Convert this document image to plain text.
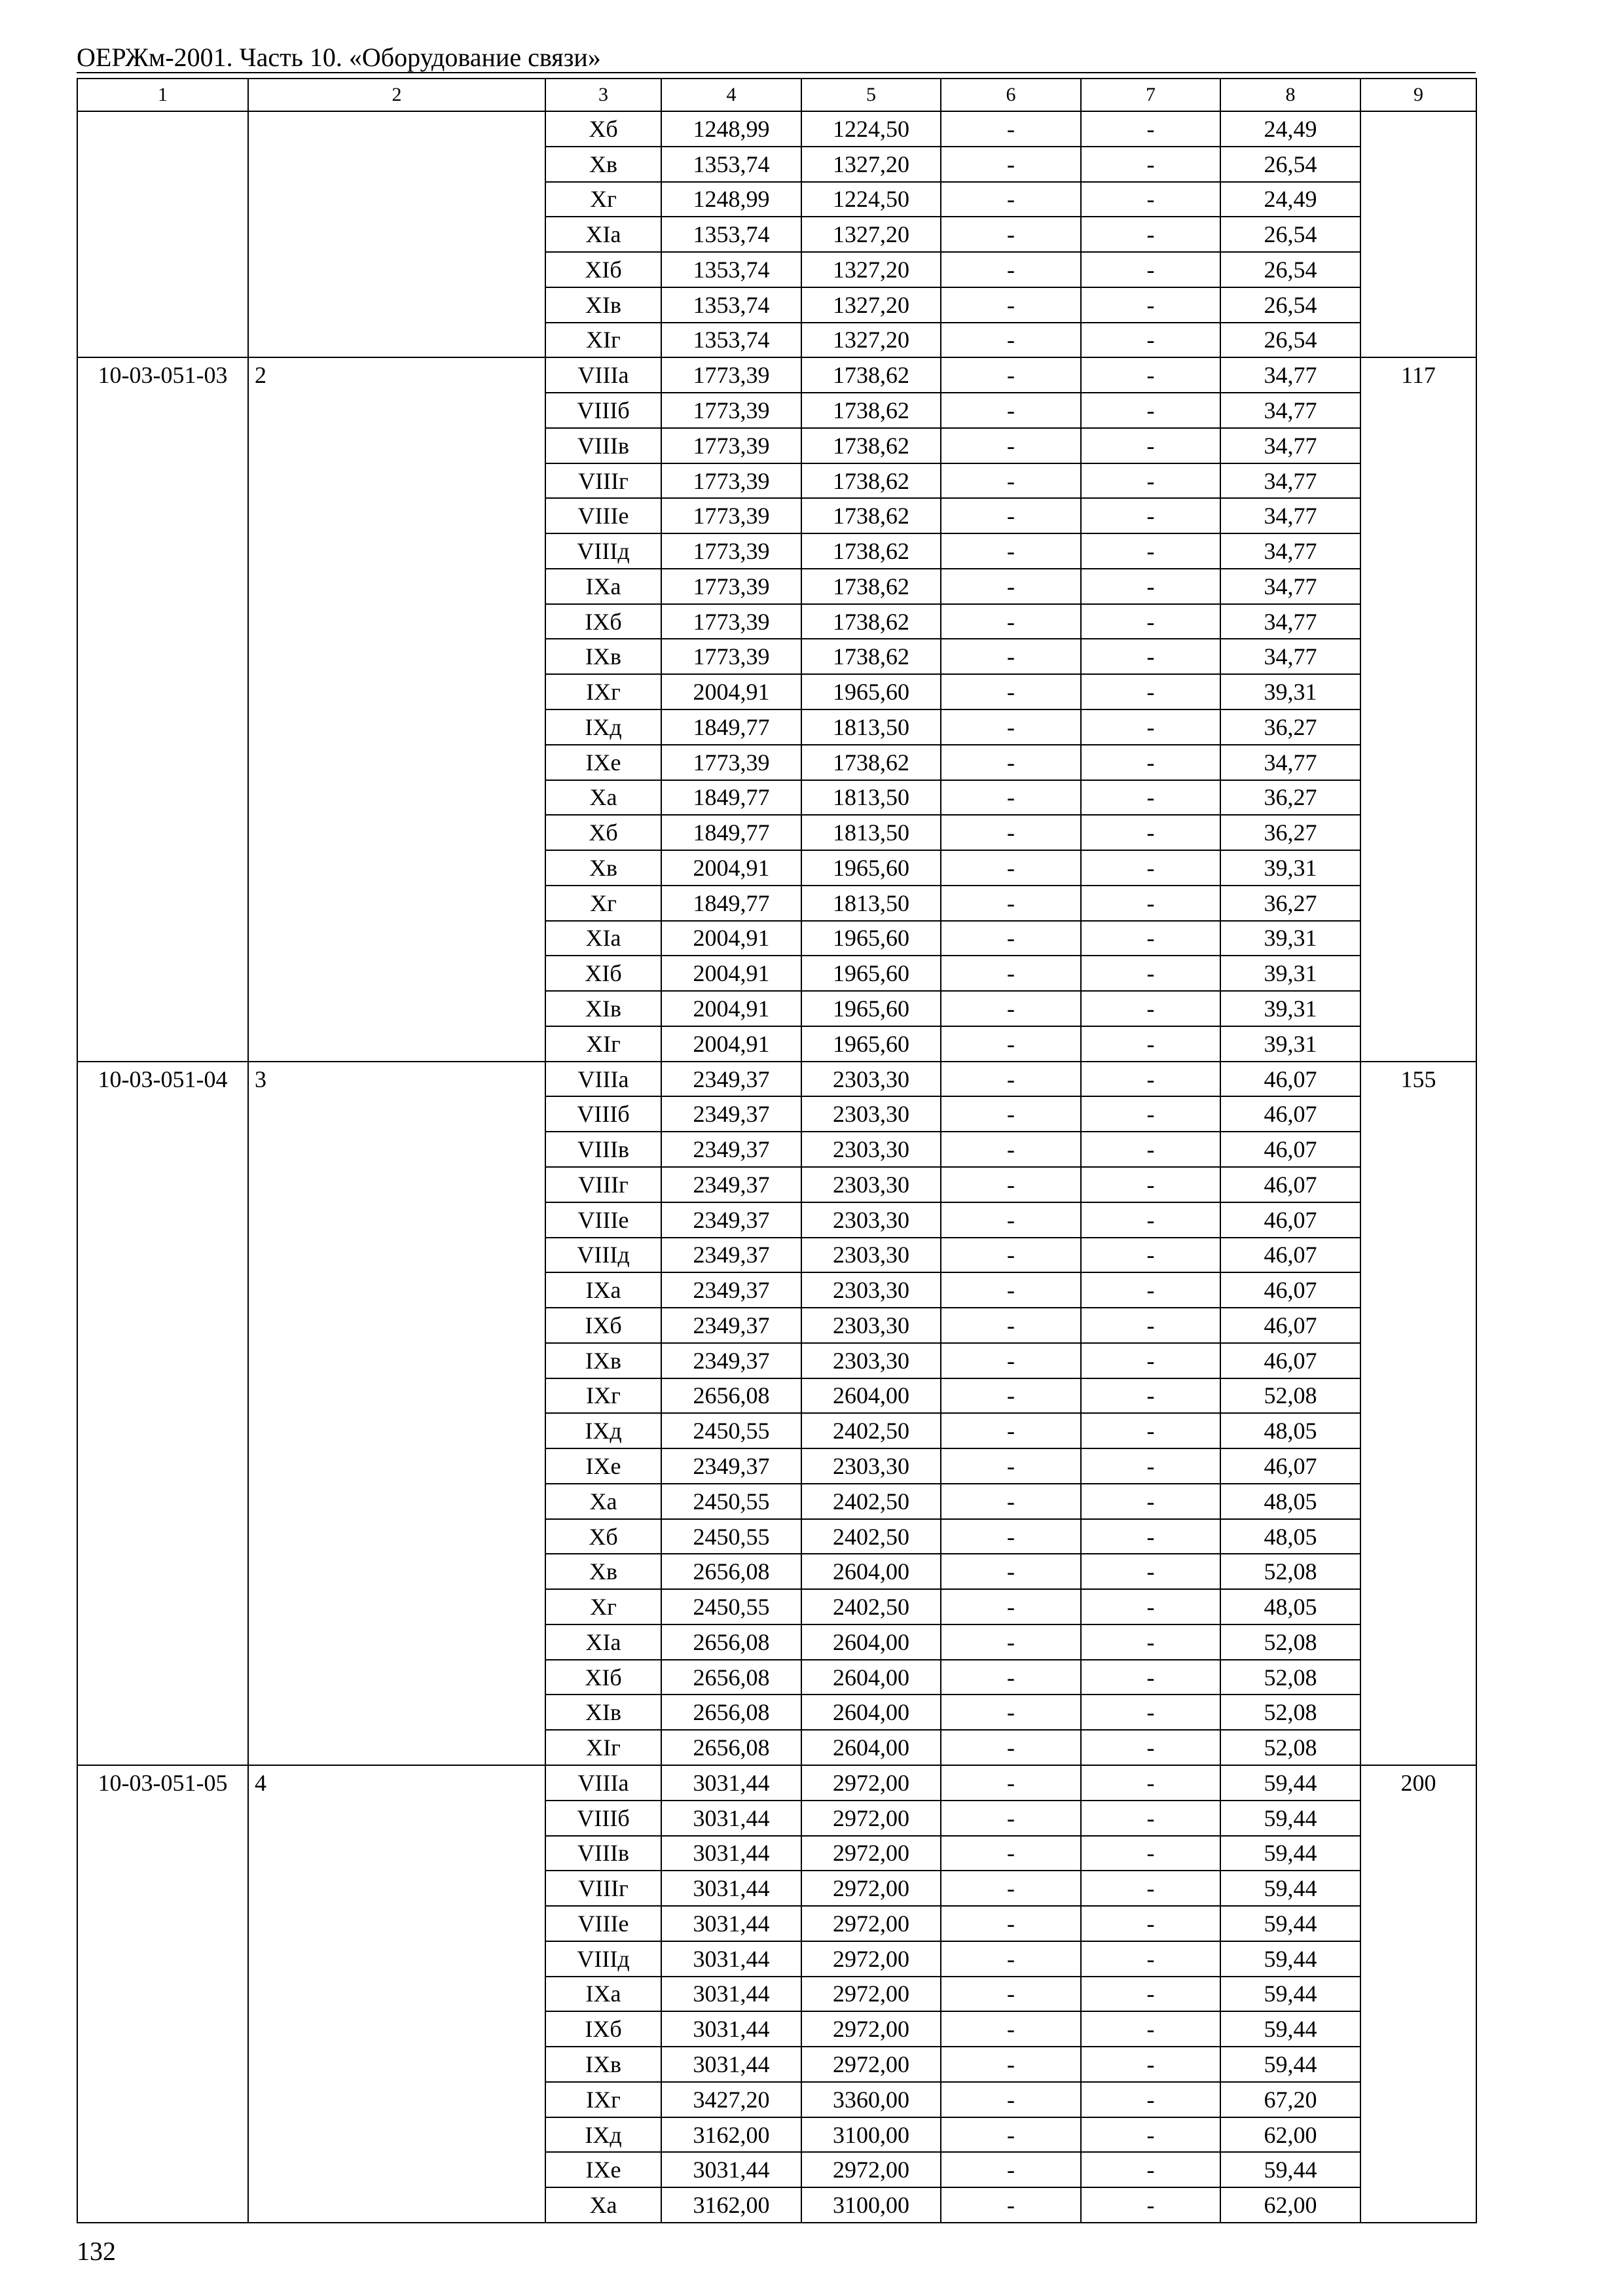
ОЕРЖм-2001. Часть 10. «Оборудование связи»
1	2	3	4	5	6	7	8	9
		Xб	1248,99	1224,50	-	-	24,49	
		Xв	1353,74	1327,20	-	-	26,54	
		Xг	1248,99	1224,50	-	-	24,49	
		XIа	1353,74	1327,20	-	-	26,54	
		XIб	1353,74	1327,20	-	-	26,54	
		XIв	1353,74	1327,20	-	-	26,54	
		XIг	1353,74	1327,20	-	-	26,54	
10-03-051-03	2	VIIIа	1773,39	1738,62	-	-	34,77	117
		VIIIб	1773,39	1738,62	-	-	34,77	
		VIIIв	1773,39	1738,62	-	-	34,77	
		VIIIг	1773,39	1738,62	-	-	34,77	
		VIIIе	1773,39	1738,62	-	-	34,77	
		VIIIд	1773,39	1738,62	-	-	34,77	
		IXа	1773,39	1738,62	-	-	34,77	
		IXб	1773,39	1738,62	-	-	34,77	
		IXв	1773,39	1738,62	-	-	34,77	
		IXг	2004,91	1965,60	-	-	39,31	
		IXд	1849,77	1813,50	-	-	36,27	
		IXе	1773,39	1738,62	-	-	34,77	
		Xа	1849,77	1813,50	-	-	36,27	
		Xб	1849,77	1813,50	-	-	36,27	
		Xв	2004,91	1965,60	-	-	39,31	
		Xг	1849,77	1813,50	-	-	36,27	
		XIа	2004,91	1965,60	-	-	39,31	
		XIб	2004,91	1965,60	-	-	39,31	
		XIв	2004,91	1965,60	-	-	39,31	
		XIг	2004,91	1965,60	-	-	39,31	
10-03-051-04	3	VIIIа	2349,37	2303,30	-	-	46,07	155
		VIIIб	2349,37	2303,30	-	-	46,07	
		VIIIв	2349,37	2303,30	-	-	46,07	
		VIIIг	2349,37	2303,30	-	-	46,07	
		VIIIе	2349,37	2303,30	-	-	46,07	
		VIIIд	2349,37	2303,30	-	-	46,07	
		IXа	2349,37	2303,30	-	-	46,07	
		IXб	2349,37	2303,30	-	-	46,07	
		IXв	2349,37	2303,30	-	-	46,07	
		IXг	2656,08	2604,00	-	-	52,08	
		IXд	2450,55	2402,50	-	-	48,05	
		IXе	2349,37	2303,30	-	-	46,07	
		Xа	2450,55	2402,50	-	-	48,05	
		Xб	2450,55	2402,50	-	-	48,05	
		Xв	2656,08	2604,00	-	-	52,08	
		Xг	2450,55	2402,50	-	-	48,05	
		XIа	2656,08	2604,00	-	-	52,08	
		XIб	2656,08	2604,00	-	-	52,08	
		XIв	2656,08	2604,00	-	-	52,08	
		XIг	2656,08	2604,00	-	-	52,08	
10-03-051-05	4	VIIIа	3031,44	2972,00	-	-	59,44	200
		VIIIб	3031,44	2972,00	-	-	59,44	
		VIIIв	3031,44	2972,00	-	-	59,44	
		VIIIг	3031,44	2972,00	-	-	59,44	
		VIIIе	3031,44	2972,00	-	-	59,44	
		VIIIд	3031,44	2972,00	-	-	59,44	
		IXа	3031,44	2972,00	-	-	59,44	
		IXб	3031,44	2972,00	-	-	59,44	
		IXв	3031,44	2972,00	-	-	59,44	
		IXг	3427,20	3360,00	-	-	67,20	
		IXд	3162,00	3100,00	-	-	62,00	
		IXе	3031,44	2972,00	-	-	59,44	
		Xа	3162,00	3100,00	-	-	62,00	
132
